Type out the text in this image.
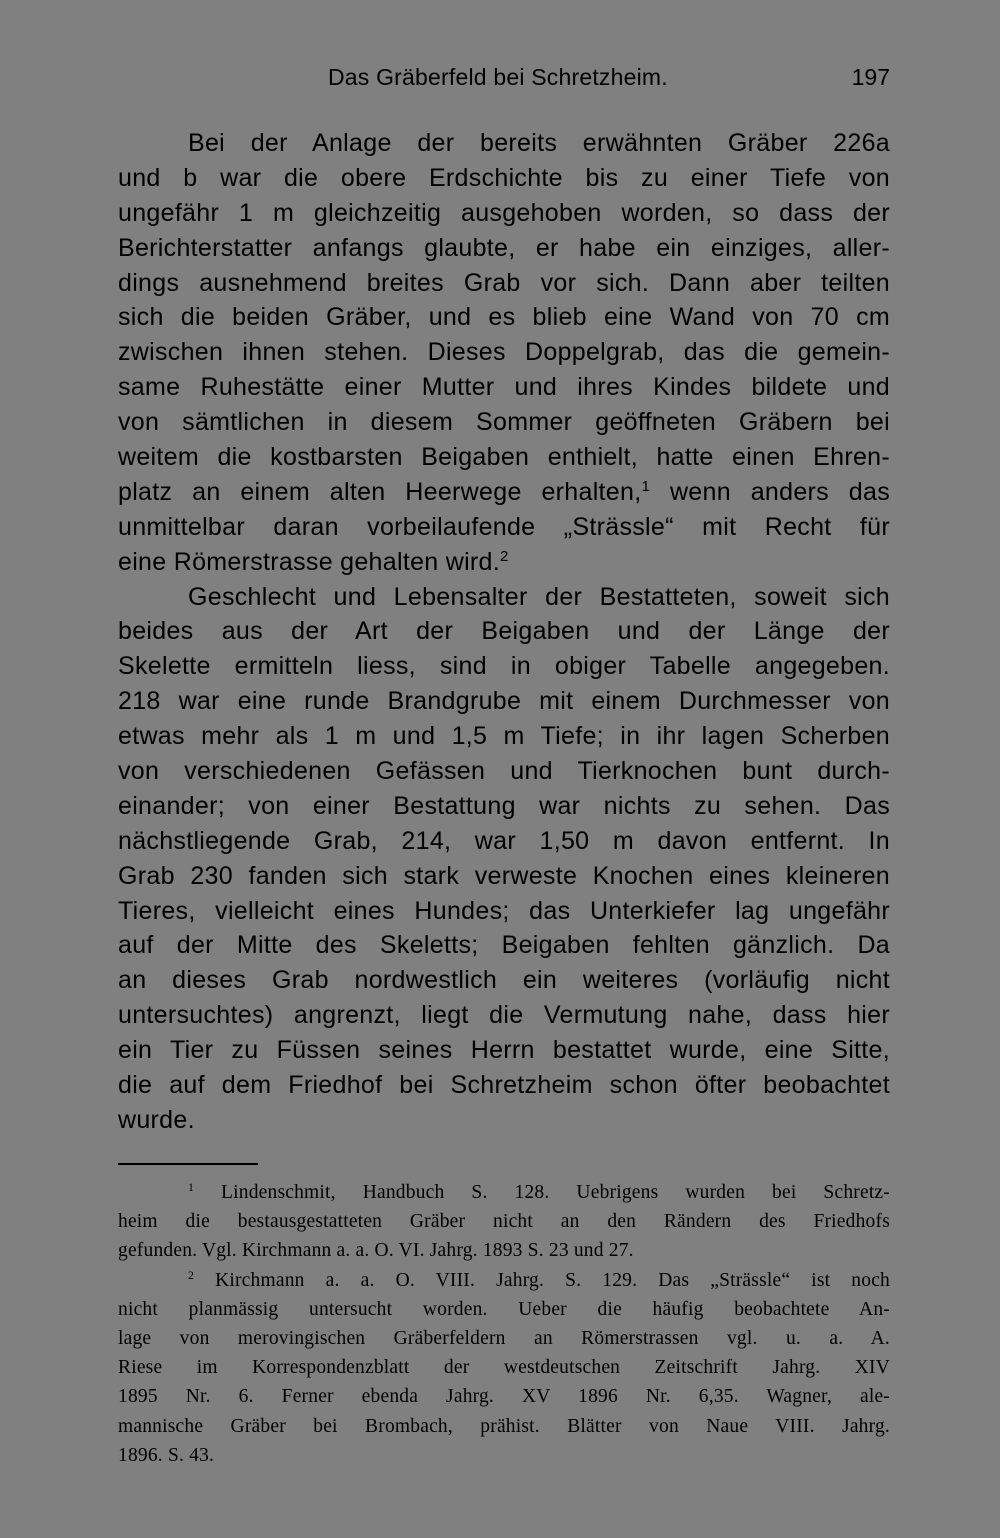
Das Gräberfeld bei Schretzheim.	197
Bei der Anlage der bereits erwähnten Gräber 226a
und b war die obere Erdschichte bis zu einer Tiefe von
ungefähr 1 m gleichzeitig ausgehoben worden, so dass der
Berichterstatter anfangs glaubte, er habe ein einziges, aller-
dings ausnehmend breites Grab vor sich. Dann aber teilten
sich die beiden Gräber, und es blieb eine Wand von 70 cm
zwischen ihnen stehen. Dieses Doppelgrab, das die gemein-
same Ruhestätte einer Mutter und ihres Kindes bildete und
von sämtlichen in diesem Sommer geöffneten Gräbern bei
weitem die kostbarsten Beigaben enthielt, hatte einen Ehren-
platz an einem alten Heerwege erhalten,$^1$ wenn anders das
unmittelbar daran vorbeilaufende „Strässle“ mit Recht für
eine Römerstrasse gehalten wird.$^2$
Geschlecht und Lebensalter der Bestatteten, soweit sich
beides aus der Art der Beigaben und der Länge der
Skelette ermitteln liess, sind in obiger Tabelle angegeben.
218 war eine runde Brandgrube mit einem Durchmesser von
etwas mehr als 1 m und 1,5 m Tiefe; in ihr lagen Scherben
von verschiedenen Gefässen und Tierknochen bunt durch-
einander; von einer Bestattung war nichts zu sehen. Das
nächstliegende Grab, 214, war 1,50 m davon entfernt. In
Grab 230 fanden sich stark verweste Knochen eines kleineren
Tieres, vielleicht eines Hundes; das Unterkiefer lag ungefähr
auf der Mitte des Skeletts; Beigaben fehlten gänzlich. Da
an dieses Grab nordwestlich ein weiteres (vorläufig nicht
untersuchtes) angrenzt, liegt die Vermutung nahe, dass hier
ein Tier zu Füssen seines Herrn bestattet wurde, eine Sitte,
die auf dem Friedhof bei Schretzheim schon öfter beobachtet
wurde.
$^1$ Lindenschmit, Handbuch S. 128. Uebrigens wurden bei Schretz-
heim die bestausgestatteten Gräber nicht an den Rändern des Friedhofs
gefunden. Vgl. Kirchmann a. a. O. VI. Jahrg. 1893 S. 23 und 27.
$^2$ Kirchmann a. a. O. VIII. Jahrg. S. 129. Das „Strässle“ ist noch
nicht planmässig untersucht worden. Ueber die häufig beobachtete An-
lage von merovingischen Gräberfeldern an Römerstrassen vgl. u. a. A.
Riese im Korrespondenzblatt der westdeutschen Zeitschrift Jahrg. XIV
1895 Nr. 6. Ferner ebenda Jahrg. XV 1896 Nr. 6,35. Wagner, ale-
mannische Gräber bei Brombach, prähist. Blätter von Naue VIII. Jahrg.
1896. S. 43.
